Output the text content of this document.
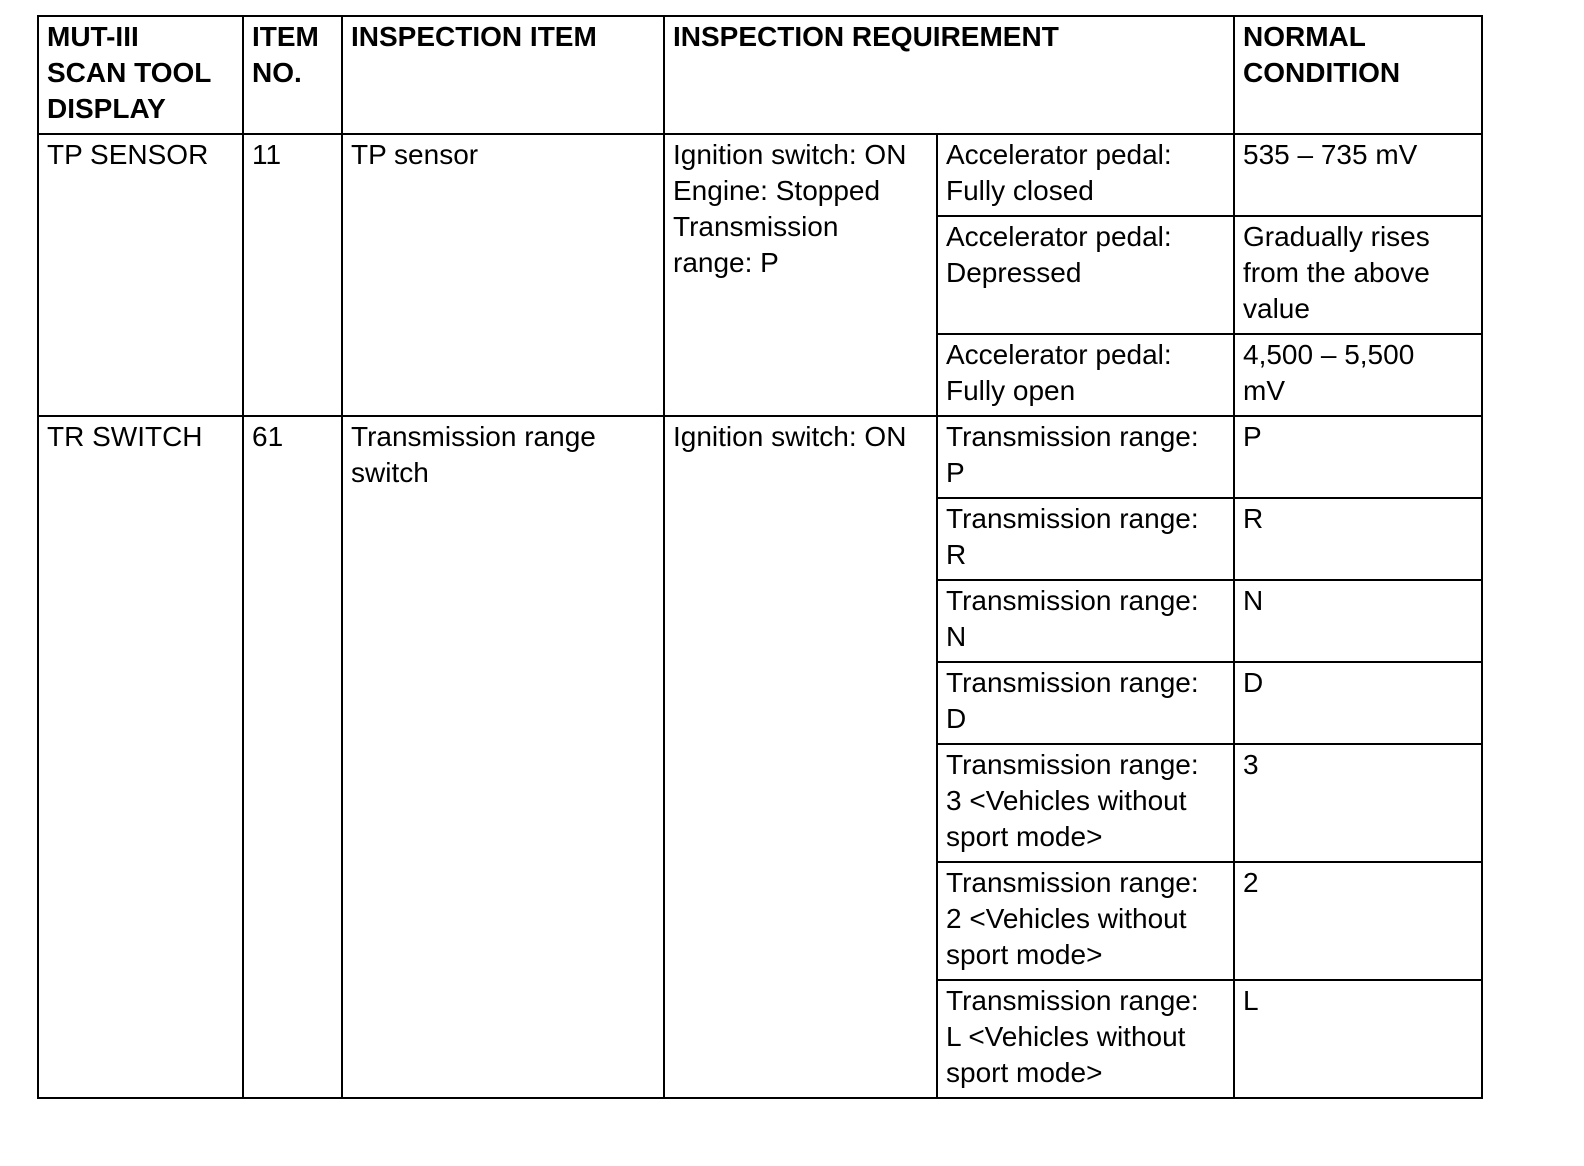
MUT-III
SCAN TOOL
DISPLAY	ITEM
NO.	INSPECTION ITEM	INSPECTION REQUIREMENT		NORMAL
CONDITION

TP SENSOR	11	TP sensor	Ignition switch: ON
Engine: Stopped
Transmission
range: P	Accelerator pedal:
Fully closed	535 – 735 mV

				Accelerator pedal:
Depressed	Gradually rises
from the above
value

				Accelerator pedal:
Fully open	4,500 – 5,500
mV

TR SWITCH	61	Transmission range
switch	Ignition switch: ON	Transmission range:
P	P

				Transmission range:
R	R

				Transmission range:
N	N

				Transmission range:
D	D

				Transmission range:
3 <Vehicles without
sport mode>	3

				Transmission range:
2 <Vehicles without
sport mode>	2

				Transmission range:
L <Vehicles without
sport mode>	L
